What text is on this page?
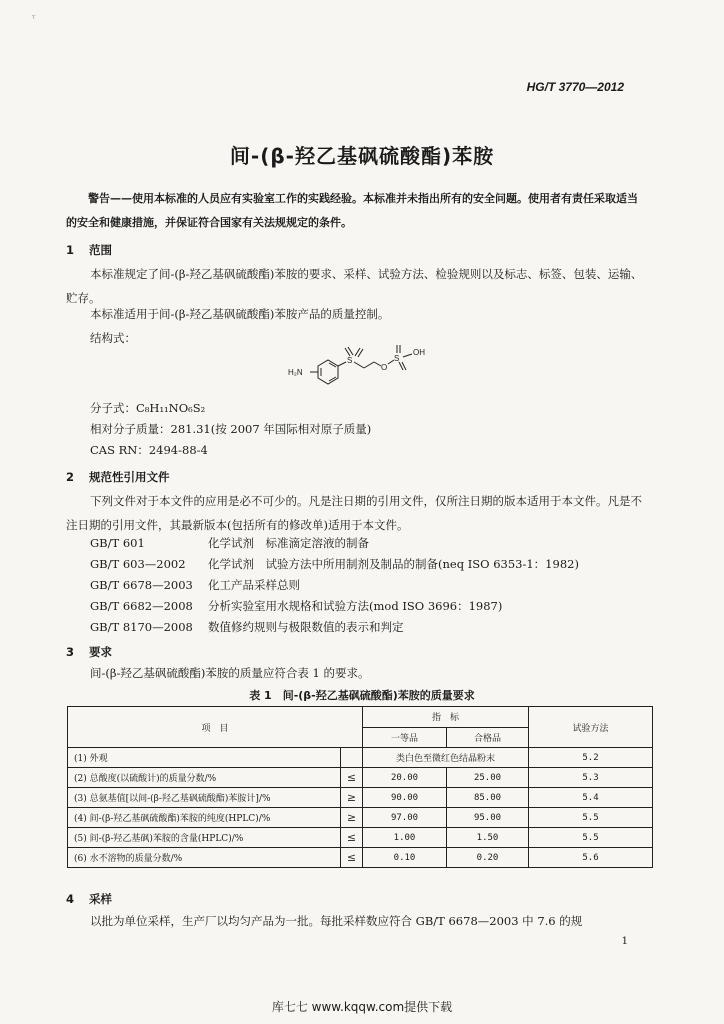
ᵀ
HG/T 3770—2012
间-(β-羟乙基砜硫酸酯)苯胺
警告——使用本标准的人员应有实验室工作的实践经验。本标准并未指出所有的安全问题。使用者有责任采取适当的安全和健康措施，并保证符合国家有关法规规定的条件。
1 范围
本标准规定了间-(β-羟乙基砜硫酸酯)苯胺的要求、采样、试验方法、检验规则以及标志、标签、包装、运输、贮存。
本标准适用于间-(β-羟乙基砜硫酸酯)苯胺产品的质量控制。
结构式：
H₂N
S
O
S
OH
分子式：C₈H₁₁NO₆S₂
相对分子质量：281.31(按 2007 年国际相对原子质量)
CAS RN：2494-88-4
2 规范性引用文件
下列文件对于本文件的应用是必不可少的。凡是注日期的引用文件，仅所注日期的版本适用于本文件。凡是不注日期的引用文件，其最新版本(包括所有的修改单)适用于本文件。
GB/T 601	化学试剂　标准滴定溶液的制备
GB/T 603—2002 化学试剂　试验方法中所用制剂及制品的制备(neq ISO 6353-1：1982)
GB/T 6678—2003 化工产品采样总则
GB/T 6682—2008 分析实验室用水规格和试验方法(mod ISO 3696：1987)
GB/T 8170—2008 数值修约规则与极限数值的表示和判定
3 要求
间-(β-羟乙基砜硫酸酯)苯胺的质量应符合表 1 的要求。
表 1　间-(β-羟乙基砜硫酸酯)苯胺的质量要求
项　目		指　标		试验方法
		一等品	合格品	
(1) 外观		类白色至微红色结晶粉末		5.2
(2) 总酸度(以硫酸计)的质量分数/%	≤	20.00	25.00	5.3
(3) 总氨基值[以间-(β-羟乙基砜硫酸酯)苯胺计]/%	≥	90.00	85.00	5.4
(4) 间-(β-羟乙基砜硫酸酯)苯胺的纯度(HPLC)/%	≥	97.00	95.00	5.5
(5) 间-(β-羟乙基砜)苯胺的含量(HPLC)/%	≤	1.00	1.50	5.5
(6) 水不溶物的质量分数/%	≤	0.10	0.20	5.6
4 采样
以批为单位采样，生产厂以均匀产品为一批。每批采样数应符合 GB/T 6678—2003 中 7.6 的规
1
库七七 www.kqqw.com提供下载
